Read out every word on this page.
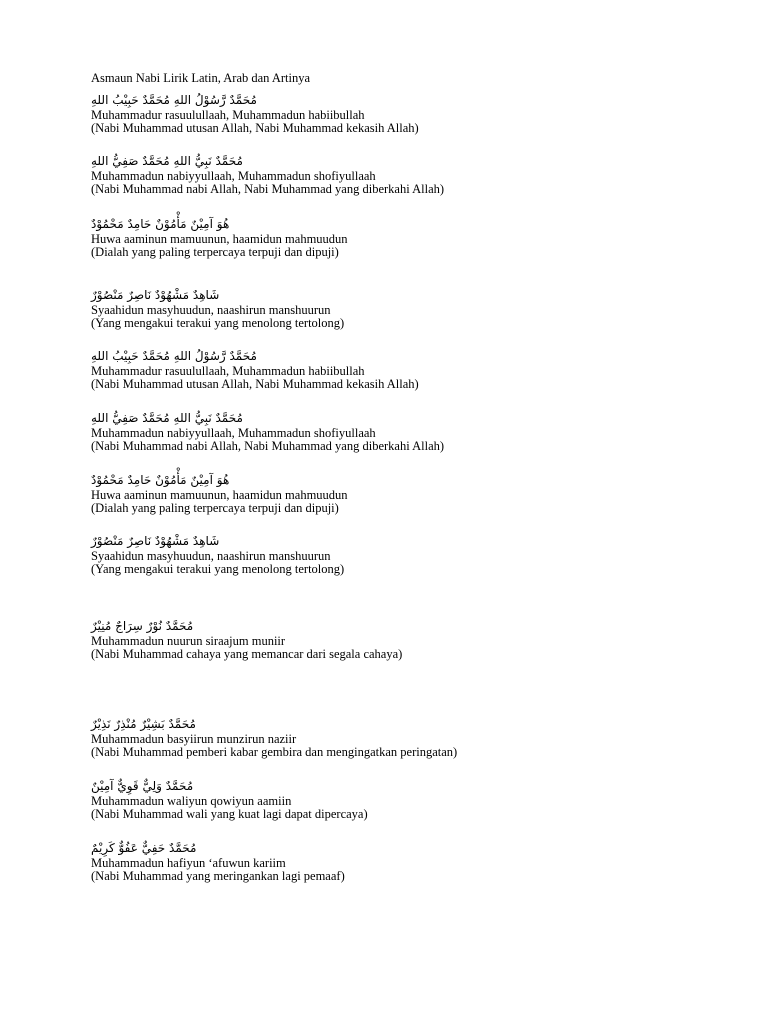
Asmaun Nabi Lirik Latin, Arab dan Artinya
مُحَمَّدٌ رَّسُوْلُ اللهِ مُحَمَّدٌ حَبِيْبُ اللهِ
Muhammadur rasuulullaah, Muhammadun habiibullah
(Nabi Muhammad utusan Allah, Nabi Muhammad kekasih Allah)
مُحَمَّدٌ نَبِيُّ اللهِ مُحَمَّدٌ صَفِيُّ اللهِ
Muhammadun nabiyyullaah, Muhammadun shofiyullaah
(Nabi Muhammad nabi Allah, Nabi Muhammad yang diberkahi Allah)
هُوَ آمِيْنٌ مَأْمُوْنٌ حَامِدٌ مَحْمُوْدٌ
Huwa aaminun mamuunun, haamidun mahmuudun
(Dialah yang paling terpercaya terpuji dan dipuji)
شَاهِدٌ مَشْهُوْدٌ نَاصِرٌ مَنْصُوْرٌ
Syaahidun masyhuudun, naashirun manshuurun
(Yang mengakui terakui yang menolong tertolong)
مُحَمَّدٌ رَّسُوْلُ اللهِ مُحَمَّدٌ حَبِيْبُ اللهِ
Muhammadur rasuulullaah, Muhammadun habiibullah
(Nabi Muhammad utusan Allah, Nabi Muhammad kekasih Allah)
مُحَمَّدٌ نَبِيُّ اللهِ مُحَمَّدٌ صَفِيُّ اللهِ
Muhammadun nabiyyullaah, Muhammadun shofiyullaah
(Nabi Muhammad nabi Allah, Nabi Muhammad yang diberkahi Allah)
هُوَ آمِيْنٌ مَأْمُوْنٌ حَامِدٌ مَحْمُوْدٌ
Huwa aaminun mamuunun, haamidun mahmuudun
(Dialah yang paling terpercaya terpuji dan dipuji)
شَاهِدٌ مَشْهُوْدٌ نَاصِرٌ مَنْصُوْرٌ
Syaahidun masyhuudun, naashirun manshuurun
(Yang mengakui terakui yang menolong tertolong)
مُحَمَّدٌ نُوْرٌ سِرَاجٌ مُنِيْرٌ
Muhammadun nuurun siraajum muniir
(Nabi Muhammad cahaya yang memancar dari segala cahaya)
مُحَمَّدٌ بَشِيْرٌ مُنْذِرٌ نَذِيْرٌ
Muhammadun basyiirun munzirun naziir
(Nabi Muhammad pemberi kabar gembira dan mengingatkan peringatan)
مُحَمَّدٌ وَلِيٌّ قَوِيٌّ آمِيْنٌ
Muhammadun waliyun qowiyun aamiin
(Nabi Muhammad wali yang kuat lagi dapat dipercaya)
مُحَمَّدٌ حَفِيٌّ عَفُوٌّ كَرِيْمٌ
Muhammadun hafiyun ‘afuwun kariim
(Nabi Muhammad yang meringankan lagi pemaaf)
